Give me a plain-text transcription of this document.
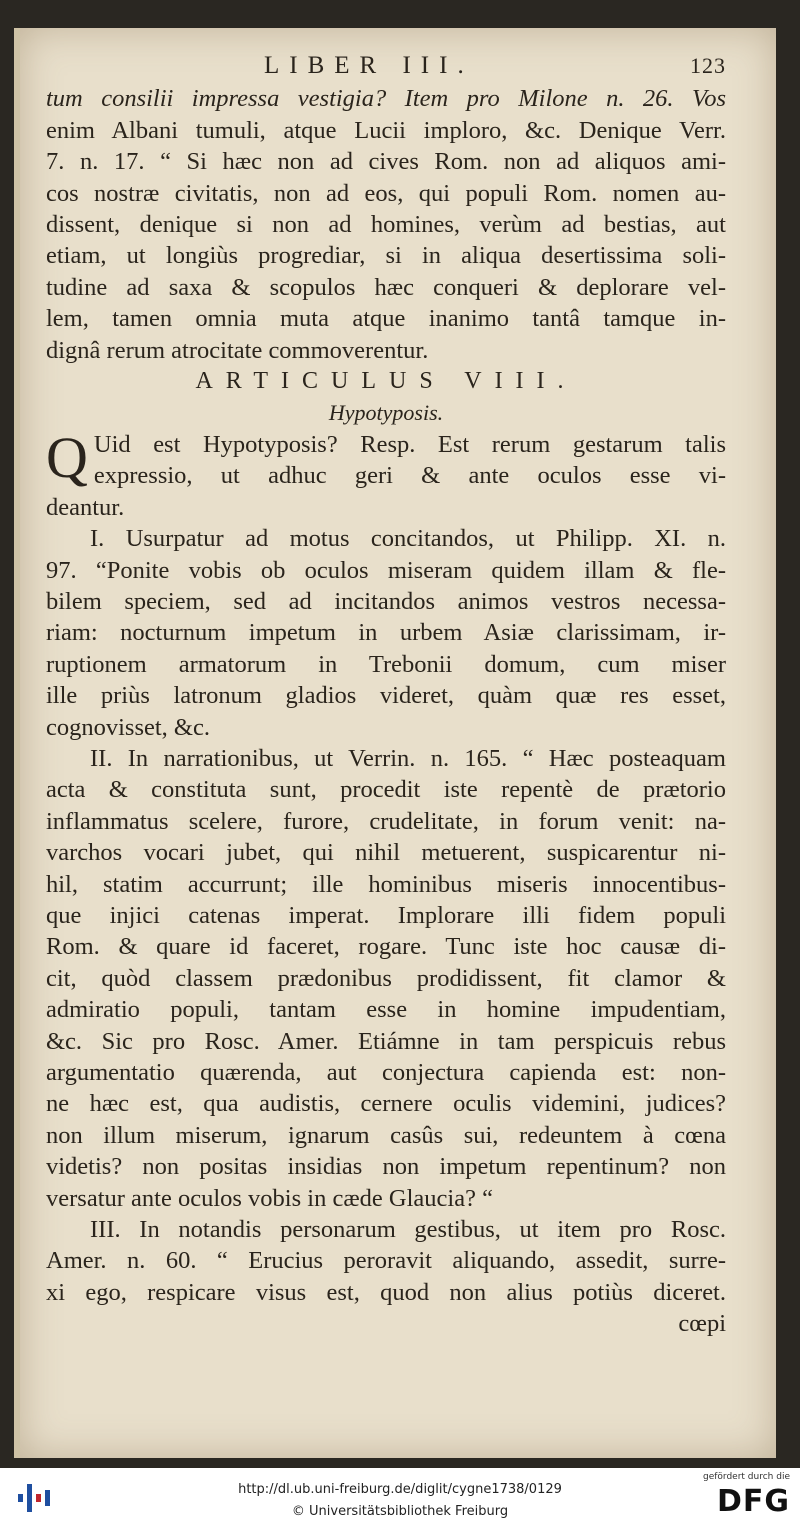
LIBER III.	123
tum consilii impressa vestigia? Item pro Milone n. 26. Vos
enim Albani tumuli, atque Lucii imploro, &c. Denique Verr.
7. n. 17. “ Si hæc non ad cives Rom. non ad aliquos ami-
cos nostræ civitatis, non ad eos, qui populi Rom. nomen au-
dissent, denique si non ad homines, verùm ad bestias, aut
etiam, ut longiùs progrediar, si in aliqua desertissima soli-
tudine ad saxa & scopulos hæc conqueri & deplorare vel-
lem, tamen omnia muta atque inanimo tantâ tamque in-
dignâ rerum atrocitate commoverentur.
ARTICULUS VIII.
Hypotyposis.
Q Uid est Hypotyposis? Resp. Est rerum gestarum talis
expressio, ut adhuc geri & ante oculos esse vi-
deantur.
I. Usurpatur ad motus concitandos, ut Philipp. XI. n.
97. “Ponite vobis ob oculos miseram quidem illam & fle-
bilem speciem, sed ad incitandos animos vestros necessa-
riam: nocturnum impetum in urbem Asiæ clarissimam, ir-
ruptionem armatorum in Trebonii domum, cum miser
ille priùs latronum gladios videret, quàm quæ res esset,
cognovisset, &c.
II. In narrationibus, ut Verrin. n. 165. “ Hæc posteaquam
acta & constituta sunt, procedit iste repentè de prætorio
inflammatus scelere, furore, crudelitate, in forum venit: na-
varchos vocari jubet, qui nihil metuerent, suspicarentur ni-
hil, statim accurrunt; ille hominibus miseris innocentibus-
que injici catenas imperat. Implorare illi fidem populi
Rom. & quare id faceret, rogare. Tunc iste hoc causæ di-
cit, quòd classem prædonibus prodidissent, fit clamor &
admiratio populi, tantam esse in homine impudentiam,
&c. Sic pro Rosc. Amer. Etiámne in tam perspicuis rebus
argumentatio quærenda, aut conjectura capienda est: non-
ne hæc est, qua audistis, cernere oculis videmini, judices?
non illum miserum, ignarum casûs sui, redeuntem à cœna
videtis? non positas insidias non impetum repentinum? non
versatur ante oculos vobis in cæde Glaucia? “
III. In notandis personarum gestibus, ut item pro Rosc.
Amer. n. 60. “ Erucius peroravit aliquando, assedit, surre-
xi ego, respicare visus est, quod non alius potiùs diceret.
cœpi
http://dl.ub.uni-freiburg.de/diglit/cygne1738/0129
© Universitätsbibliothek Freiburg
gefördert durch die
DFG
